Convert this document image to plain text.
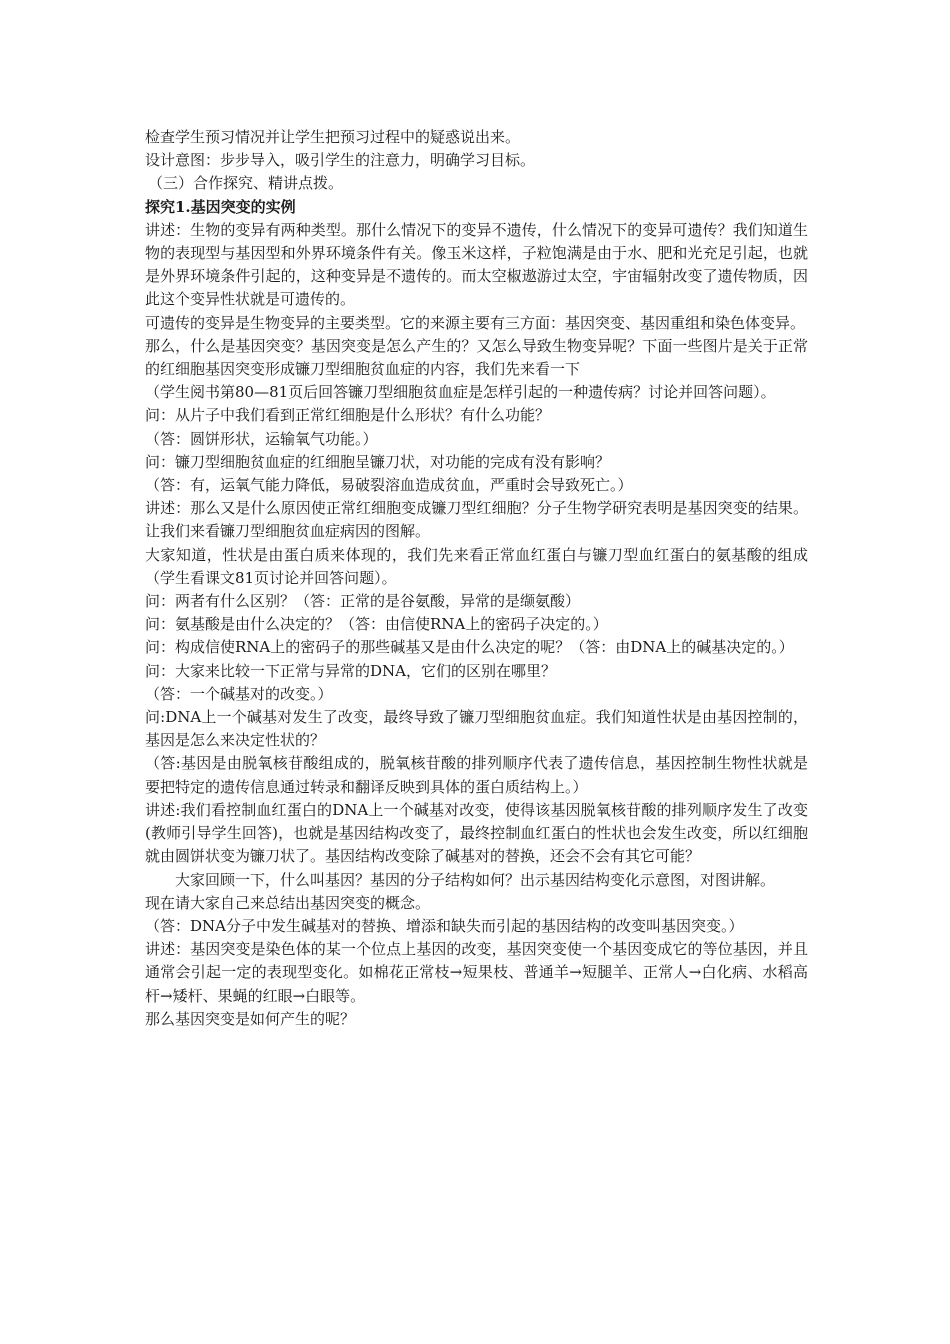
检查学生预习情况并让学生把预习过程中的疑惑说出来。

设计意图：步步导入，吸引学生的注意力，明确学习目标。

（三）合作探究、精讲点拨。

探究1.基因突变的实例

讲述：生物的变异有两种类型。那什么情况下的变异不遗传，什么情况下的变异可遗传？我们知道生物的表现型与基因型和外界环境条件有关。像玉米这样，子粒饱满是由于水、肥和光充足引起，也就是外界环境条件引起的，这种变异是不遗传的。而太空椒遨游过太空，宇宙辐射改变了遗传物质，因此这个变异性状就是可遗传的。

可遗传的变异是生物变异的主要类型。它的来源主要有三方面：基因突变、基因重组和染色体变异。

那么，什么是基因突变？基因突变是怎么产生的？又怎么导致生物变异呢？下面一些图片是关于正常的红细胞基因突变形成镰刀型细胞贫血症的内容，我们先来看一下

（学生阅书第80—81页后回答镰刀型细胞贫血症是怎样引起的一种遗传病？讨论并回答问题）。

问：从片子中我们看到正常红细胞是什么形状？有什么功能？

（答：圆饼形状，运输氧气功能。）

问：镰刀型细胞贫血症的红细胞呈镰刀状，对功能的完成有没有影响？

（答：有，运氧气能力降低，易破裂溶血造成贫血，严重时会导致死亡。）

讲述：那么又是什么原因使正常红细胞变成镰刀型红细胞？分子生物学研究表明是基因突变的结果。让我们来看镰刀型细胞贫血症病因的图解。

大家知道，性状是由蛋白质来体现的，我们先来看正常血红蛋白与镰刀型血红蛋白的氨基酸的组成（学生看课文81页讨论并回答问题）。

问：两者有什么区别？（答：正常的是谷氨酸，异常的是缬氨酸）

问：氨基酸是由什么决定的？（答：由信使RNA上的密码子决定的。）

问：构成信使RNA上的密码子的那些碱基又是由什么决定的呢？（答：由DNA上的碱基决定的。）

问：大家来比较一下正常与异常的DNA，它们的区别在哪里？

（答：一个碱基对的改变。）

问:DNA上一个碱基对发生了改变，最终导致了镰刀型细胞贫血症。我们知道性状是由基因控制的，基因是怎么来决定性状的？

（答:基因是由脱氧核苷酸组成的，脱氧核苷酸的排列顺序代表了遗传信息，基因控制生物性状就是要把特定的遗传信息通过转录和翻译反映到具体的蛋白质结构上。）

讲述:我们看控制血红蛋白的DNA上一个碱基对改变，使得该基因脱氧核苷酸的排列顺序发生了改变(教师引导学生回答)，也就是基因结构改变了，最终控制血红蛋白的性状也会发生改变，所以红细胞就由圆饼状变为镰刀状了。基因结构改变除了碱基对的替换，还会不会有其它可能？

大家回顾一下，什么叫基因？基因的分子结构如何？出示基因结构变化示意图，对图讲解。

现在请大家自己来总结出基因突变的概念。

（答：DNA分子中发生碱基对的替换、增添和缺失而引起的基因结构的改变叫基因突变。）

讲述：基因突变是染色体的某一个位点上基因的改变，基因突变使一个基因变成它的等位基因，并且通常会引起一定的表现型变化。如棉花正常枝→短果枝、普通羊→短腿羊、正常人→白化病、水稻高杆→矮杆、果蝇的红眼→白眼等。

那么基因突变是如何产生的呢？
